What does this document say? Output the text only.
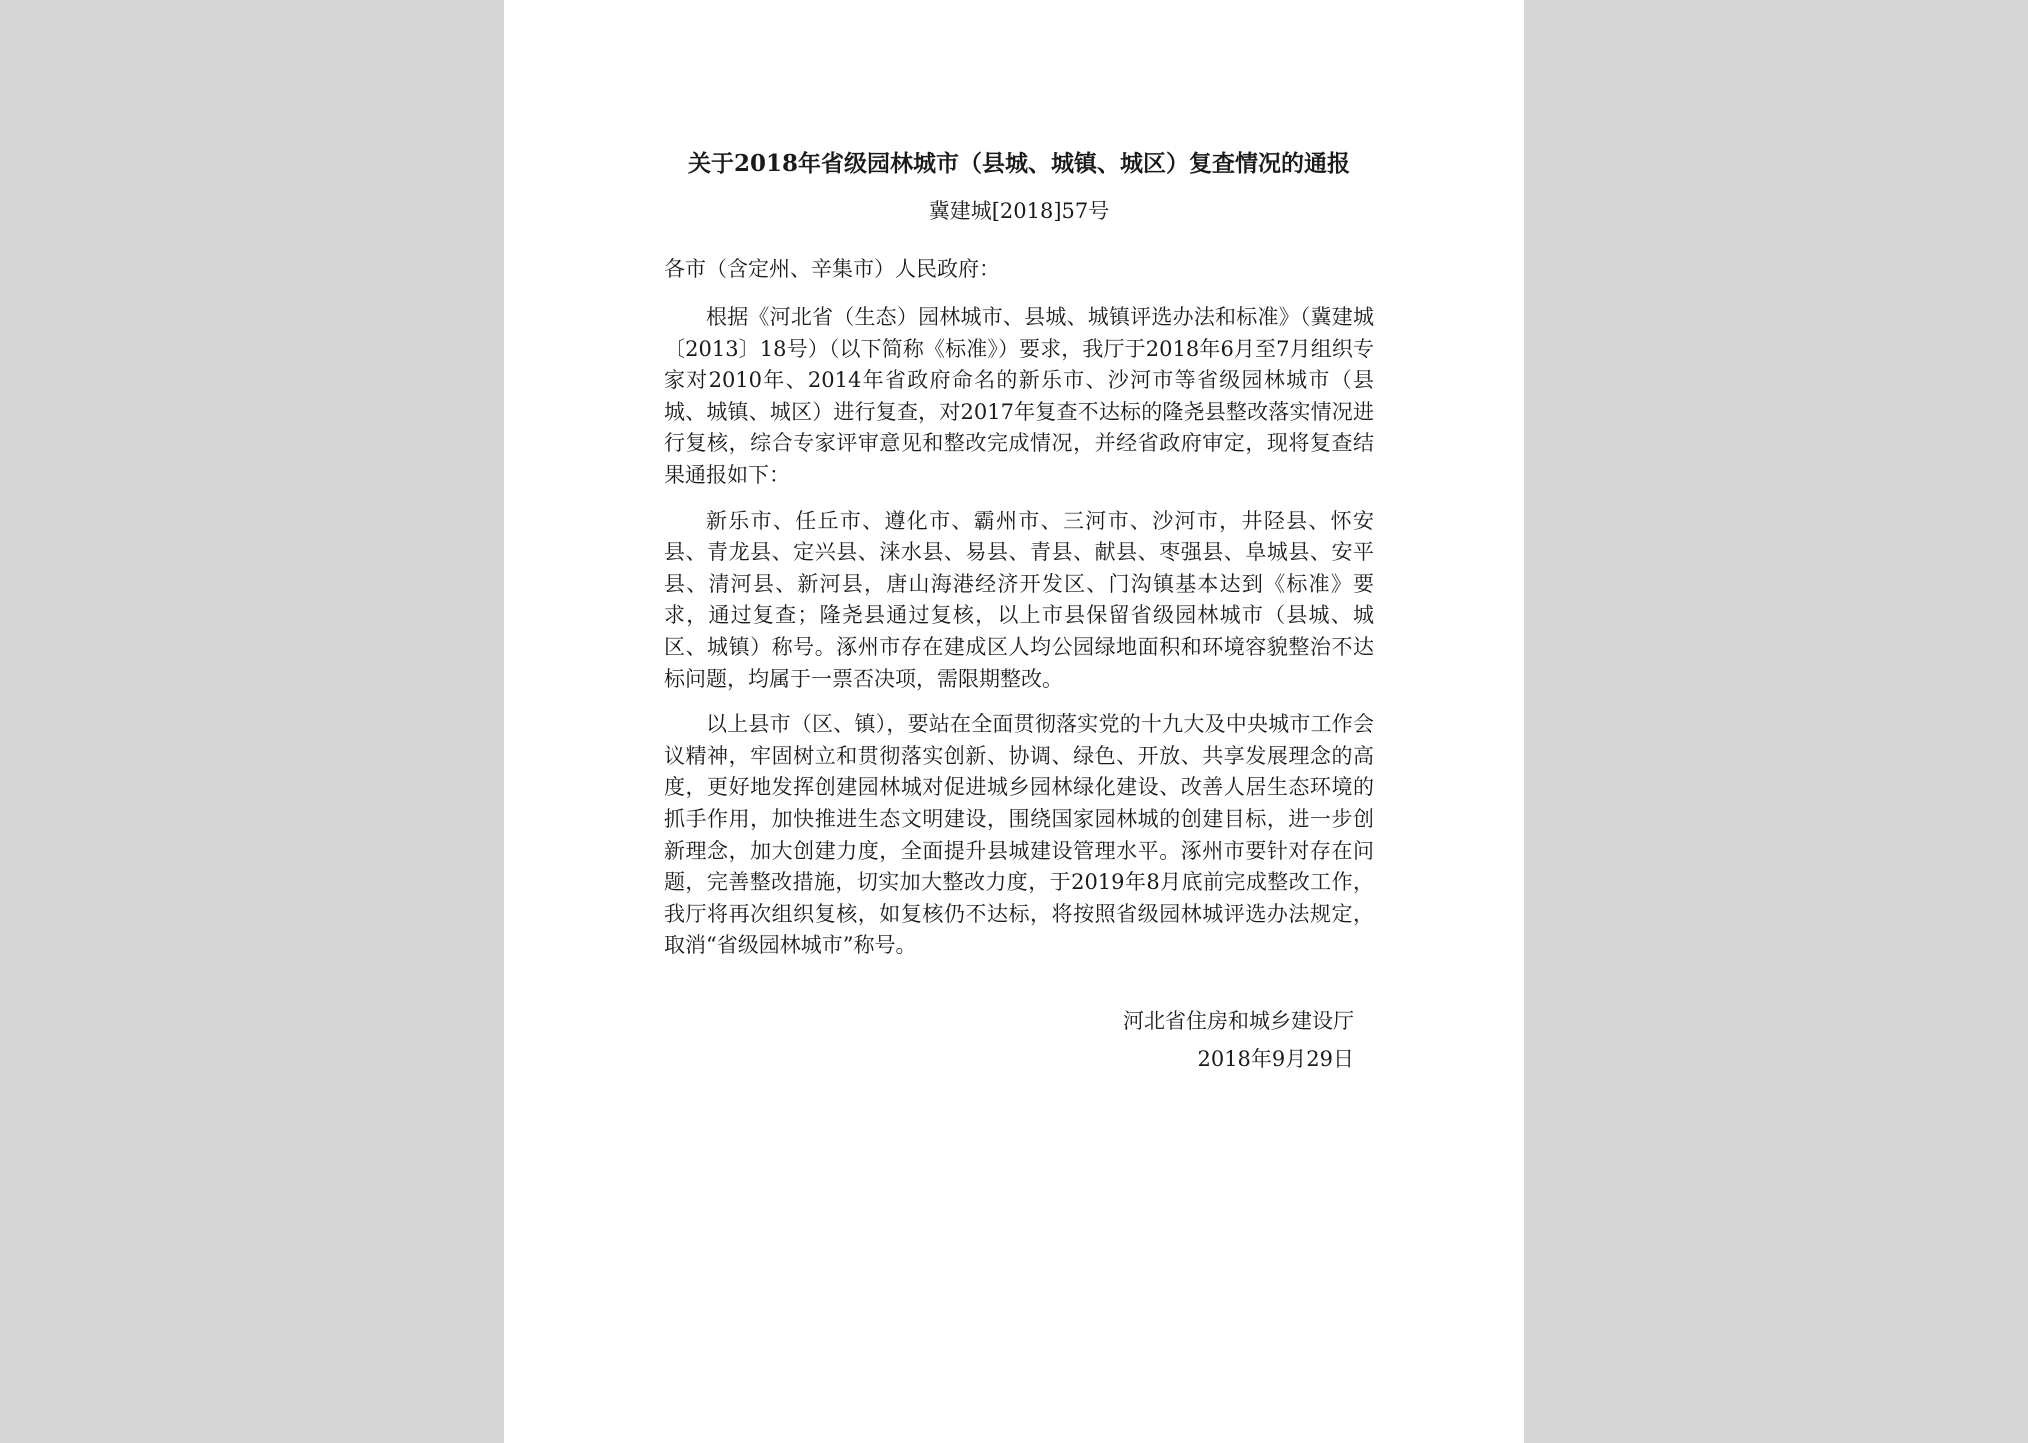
关于2018年省级园林城市（县城、城镇、城区）复查情况的通报
冀建城[2018]57号
各市（含定州、辛集市）人民政府：

根据《河北省（生态）园林城市、县城、城镇评选办法和标准》（冀建城〔2013〕18号）（以下简称《标准》）要求，我厅于2018年6月至7月组织专家对2010年、2014年省政府命名的新乐市、沙河市等省级园林城市（县城、城镇、城区）进行复查，对2017年复查不达标的隆尧县整改落实情况进行复核，综合专家评审意见和整改完成情况，并经省政府审定，现将复查结果通报如下：

新乐市、任丘市、遵化市、霸州市、三河市、沙河市，井陉县、怀安县、青龙县、定兴县、涞水县、易县、青县、献县、枣强县、阜城县、安平县、清河县、新河县，唐山海港经济开发区、门沟镇基本达到《标准》要求，通过复查；隆尧县通过复核，以上市县保留省级园林城市（县城、城区、城镇）称号。涿州市存在建成区人均公园绿地面积和环境容貌整治不达标问题，均属于一票否决项，需限期整改。

以上县市（区、镇），要站在全面贯彻落实党的十九大及中央城市工作会议精神，牢固树立和贯彻落实创新、协调、绿色、开放、共享发展理念的高度，更好地发挥创建园林城对促进城乡园林绿化建设、改善人居生态环境的抓手作用，加快推进生态文明建设，围绕国家园林城的创建目标，进一步创新理念，加大创建力度，全面提升县城建设管理水平。涿州市要针对存在问题，完善整改措施，切实加大整改力度，于2019年8月底前完成整改工作，我厅将再次组织复核，如复核仍不达标，将按照省级园林城评选办法规定，取消“省级园林城市”称号。

河北省住房和城乡建设厅
2018年9月29日
